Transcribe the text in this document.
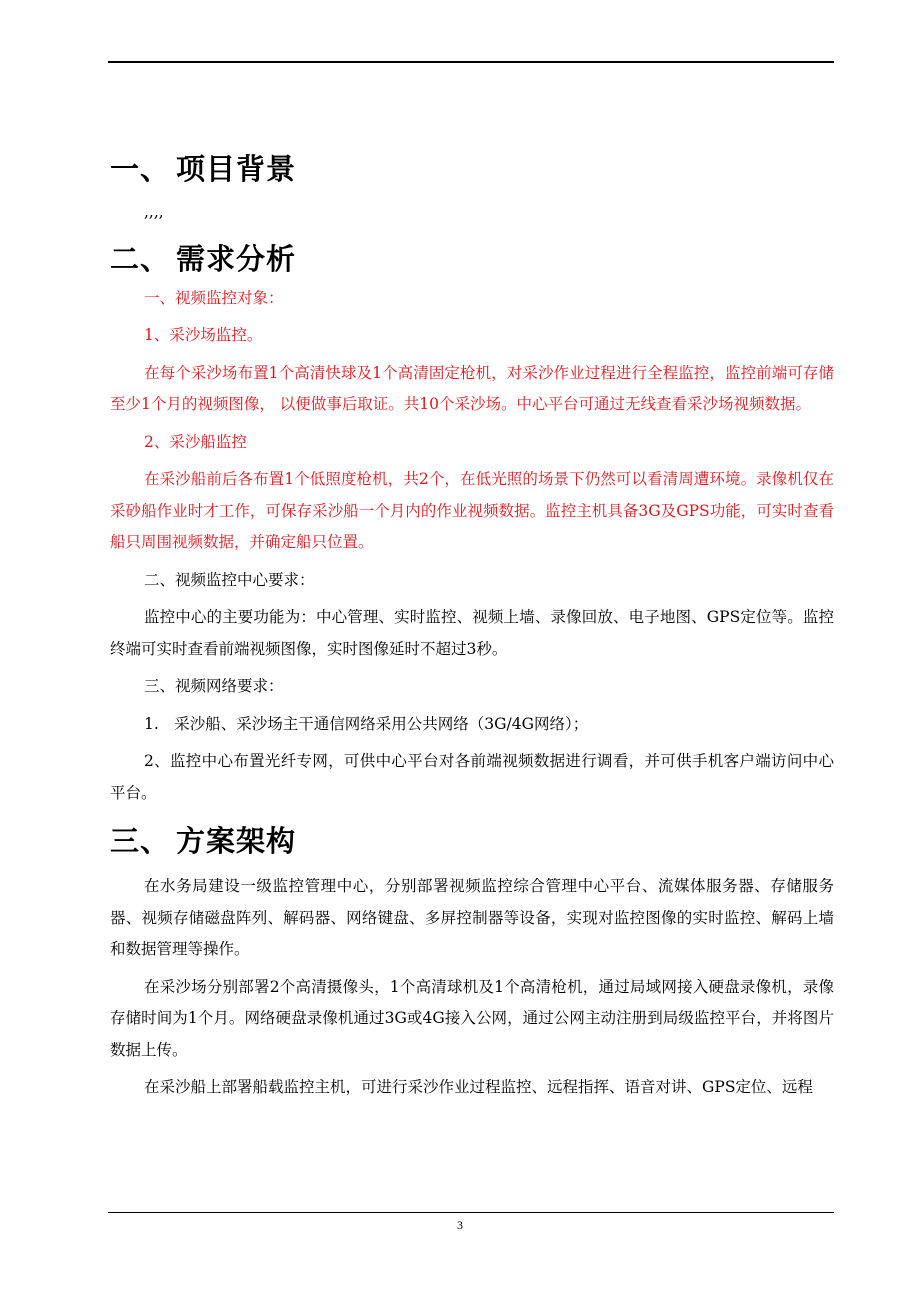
一、 项目背景

,,,,

二、 需求分析

一、视频监控对象：

1、采沙场监控。

在每个采沙场布置1个高清快球及1个高清固定枪机，对采沙作业过程进行全程监控，监控前端可存储至少1个月的视频图像， 以便做事后取证。共10个采沙场。中心平台可通过无线查看采沙场视频数据。

2、采沙船监控

在采沙船前后各布置1个低照度枪机，共2个，在低光照的场景下仍然可以看清周遭环境。录像机仅在采砂船作业时才工作，可保存采沙船一个月内的作业视频数据。监控主机具备3G及GPS功能，可实时查看船只周围视频数据，并确定船只位置。

二、视频监控中心要求：

监控中心的主要功能为：中心管理、实时监控、视频上墙、录像回放、电子地图、GPS定位等。监控终端可实时查看前端视频图像，实时图像延时不超过3秒。

三、视频网络要求：

1.　采沙船、采沙场主干通信网络采用公共网络（3G/4G网络）；

2、监控中心布置光纤专网，可供中心平台对各前端视频数据进行调看，并可供手机客户端访问中心平台。

三、 方案架构

在水务局建设一级监控管理中心，分别部署视频监控综合管理中心平台、流媒体服务器、存储服务器、视频存储磁盘阵列、解码器、网络键盘、多屏控制器等设备，实现对监控图像的实时监控、解码上墙和数据管理等操作。

在采沙场分别部署2个高清摄像头，1个高清球机及1个高清枪机，通过局域网接入硬盘录像机，录像存储时间为1个月。网络硬盘录像机通过3G或4G接入公网，通过公网主动注册到局级监控平台，并将图片数据上传。

在采沙船上部署船载监控主机，可进行采沙作业过程监控、远程指挥、语音对讲、GPS定位、远程

3
